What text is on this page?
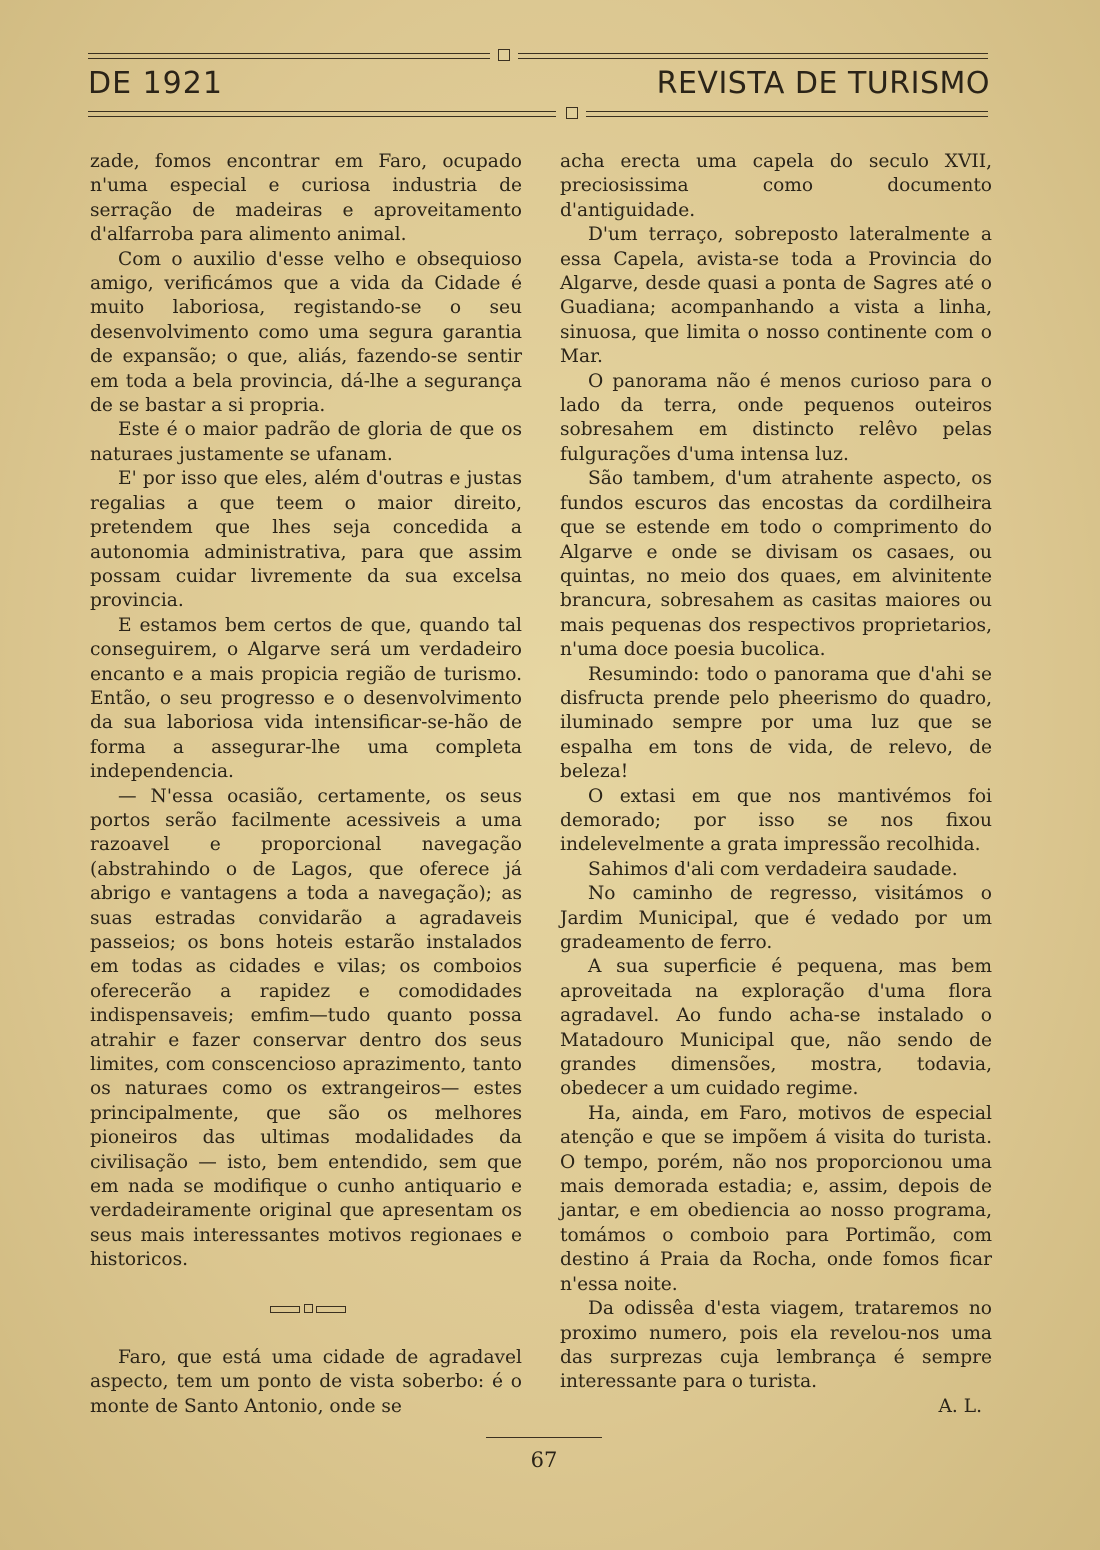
DE 1921	REVISTA DE TURISMO

zade, fomos encontrar em Faro, ocupado n'uma especial e curiosa industria de serração de madeiras e aproveitamento d'alfarroba para alimento animal.

Com o auxilio d'esse velho e obsequioso amigo, verificámos que a vida da Cidade é muito laboriosa, registando-se o seu desenvolvimento como uma segura garantia de expansão; o que, aliás, fazendo-se sentir em toda a bela provincia, dá-lhe a segurança de se bastar a si propria.

Este é o maior padrão de gloria de que os naturaes justamente se ufanam.

E' por isso que eles, além d'outras e justas regalias a que teem o maior direito, pretendem que lhes seja concedida a autonomia administrativa, para que assim possam cuidar livremente da sua excelsa provincia.

E estamos bem certos de que, quando tal conseguirem, o Algarve será um verdadeiro encanto e a mais propicia região de turismo. Então, o seu progresso e o desenvolvimento da sua laboriosa vida intensificar-se-hão de forma a assegurar-lhe uma completa independencia.

— N'essa ocasião, certamente, os seus portos serão facilmente acessiveis a uma razoavel e proporcional navegação (abstrahindo o de Lagos, que oferece já abrigo e vantagens a toda a navegação); as suas estradas convidarão a agradaveis passeios; os bons hoteis estarão instalados em todas as cidades e vilas; os comboios oferecerão a rapidez e comodidades indispensaveis; emfim—tudo quanto possa atrahir e fazer conservar dentro dos seus limites, com conscencioso aprazimento, tanto os naturaes como os extrangeiros— estes principalmente, que são os melhores pioneiros das ultimas modalidades da civilisação — isto, bem entendido, sem que em nada se modifique o cunho antiquario e verdadeiramente original que apresentam os seus mais interessantes motivos regionaes e historicos.

Faro, que está uma cidade de agradavel aspecto, tem um ponto de vista soberbo: é o monte de Santo Antonio, onde se

acha erecta uma capela do seculo XVII, preciosissima como documento d'antiguidade.

D'um terraço, sobreposto lateralmente a essa Capela, avista-se toda a Provincia do Algarve, desde quasi a ponta de Sagres até o Guadiana; acompanhando a vista a linha, sinuosa, que limita o nosso continente com o Mar.

O panorama não é menos curioso para o lado da terra, onde pequenos outeiros sobresahem em distincto relêvo pelas fulgurações d'uma intensa luz.

São tambem, d'um atrahente aspecto, os fundos escuros das encostas da cordilheira que se estende em todo o comprimento do Algarve e onde se divisam os casaes, ou quintas, no meio dos quaes, em alvinitente brancura, sobresahem as casitas maiores ou mais pequenas dos respectivos proprietarios, n'uma doce poesia bucolica.

Resumindo: todo o panorama que d'ahi se disfructa prende pelo pheerismo do quadro, iluminado sempre por uma luz que se espalha em tons de vida, de relevo, de beleza!

O extasi em que nos mantivémos foi demorado; por isso se nos fixou indelevelmente a grata impressão recolhida.

Sahimos d'ali com verdadeira saudade.

No caminho de regresso, visitámos o Jardim Municipal, que é vedado por um gradeamento de ferro.

A sua superficie é pequena, mas bem aproveitada na exploração d'uma flora agradavel. Ao fundo acha-se instalado o Matadouro Municipal que, não sendo de grandes dimensões, mostra, todavia, obedecer a um cuidado regime.

Ha, ainda, em Faro, motivos de especial atenção e que se impõem á visita do turista. O tempo, porém, não nos proporcionou uma mais demorada estadia; e, assim, depois de jantar, e em obediencia ao nosso programa, tomámos o comboio para Portimão, com destino á Praia da Rocha, onde fomos ficar n'essa noite.

Da odissêa d'esta viagem, trataremos no proximo numero, pois ela revelou-nos uma das surprezas cuja lembrança é sempre interessante para o turista.

A. L.

67
